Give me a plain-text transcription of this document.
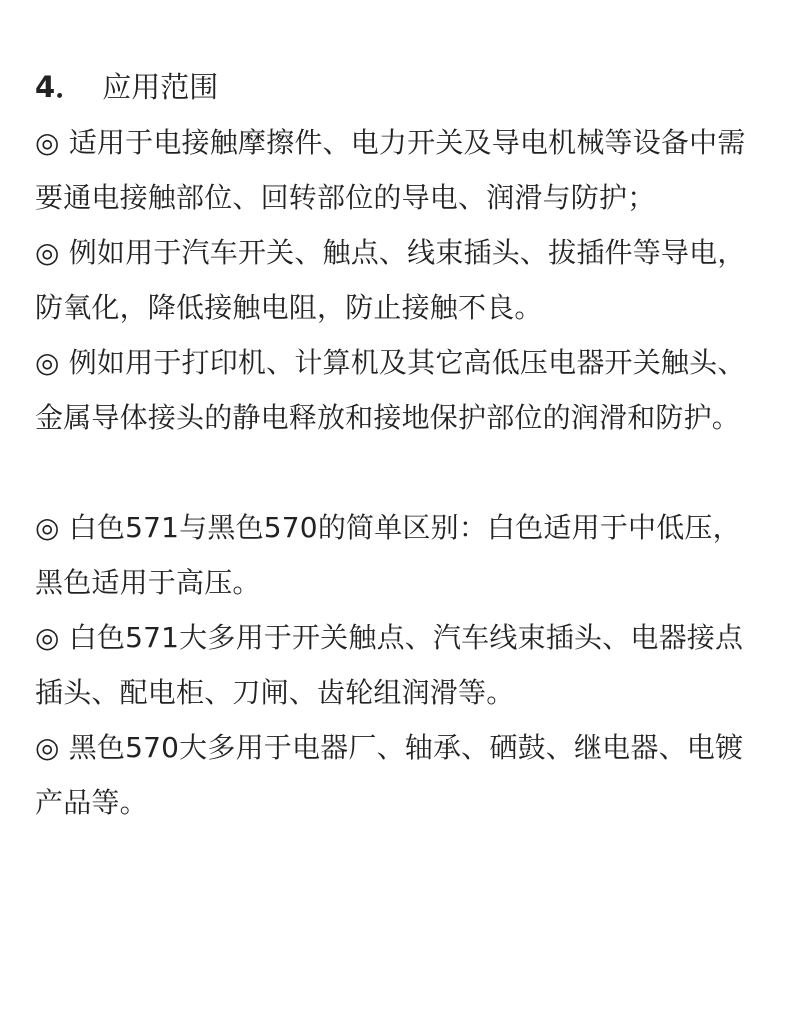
4． 应用范围

◎ 适用于电接触摩擦件、电力开关及导电机械等设备中需要通电接触部位、回转部位的导电、润滑与防护；

◎ 例如用于汽车开关、触点、线束插头、拔插件等导电，防氧化，降低接触电阻，防止接触不良。

◎ 例如用于打印机、计算机及其它高低压电器开关触头、金属导体接头的静电释放和接地保护部位的润滑和防护。

◎ 白色571与黑色570的简单区别：白色适用于中低压，黑色适用于高压。

◎ 白色571大多用于开关触点、汽车线束插头、电器接点插头、配电柜、刀闸、齿轮组润滑等。

◎ 黑色570大多用于电器厂、轴承、硒鼓、继电器、电镀产品等。
